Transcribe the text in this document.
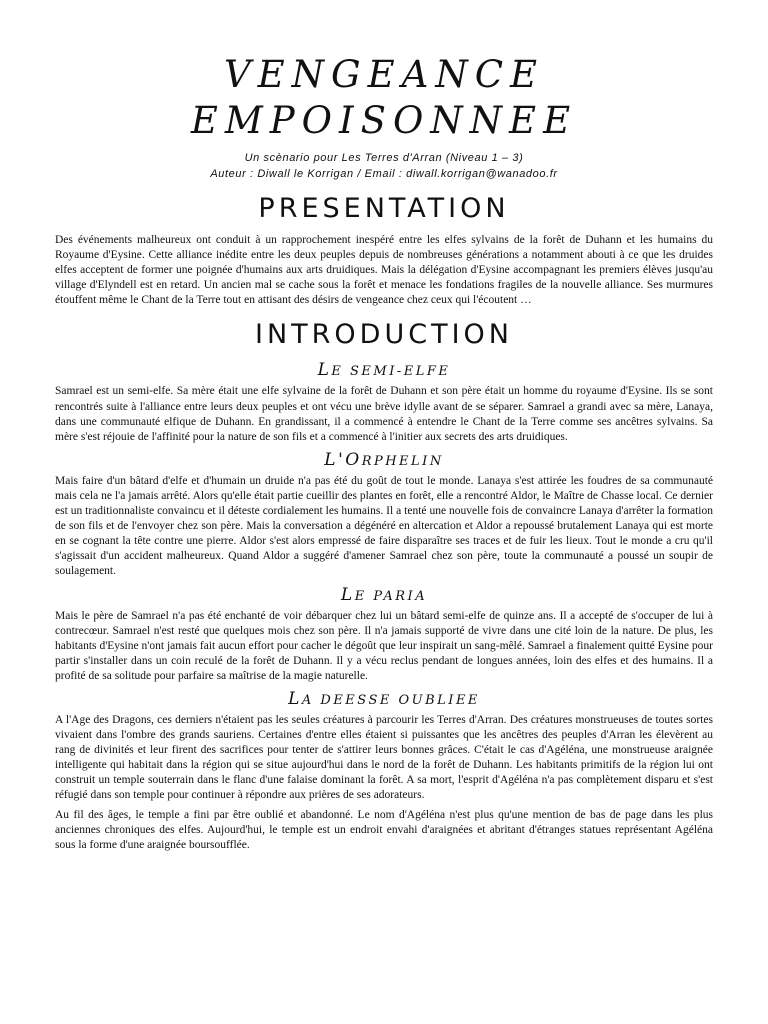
VENGEANCE
EMPOISONNEE
Un scènario pour Les Terres d'Arran (Niveau 1 – 3)
Auteur : Diwall le Korrigan / Email : diwall.korrigan@wanadoo.fr
PRESENTATION

Des événements malheureux ont conduit à un rapprochement inespéré entre les elfes sylvains de la forêt de Duhann et les humains du Royaume d'Eysine. Cette alliance inédite entre les deux peuples depuis de nombreuses générations a notamment abouti à ce que les druides elfes acceptent de former une poignée d'humains aux arts druidiques. Mais la délégation d'Eysine accompagnant les premiers élèves jusqu'au village d'Elyndell est en retard. Un ancien mal se cache sous la forêt et menace les fondations fragiles de la nouvelle alliance. Ses murmures étouffent même le Chant de la Terre tout en attisant des désirs de vengeance chez ceux qui l'écoutent …

INTRODUCTION
LE SEMI-ELFE

Samrael est un semi-elfe. Sa mère était une elfe sylvaine de la forêt de Duhann et son père était un homme du royaume d'Eysine. Ils se sont rencontrés suite à l'alliance entre leurs deux peuples et ont vécu une brève idylle avant de se séparer. Samrael a grandi avec sa mère, Lanaya, dans une communauté elfique de Duhann. En grandissant, il a commencé à entendre le Chant de la Terre comme ses ancêtres sylvains. Sa mère s'est réjouie de l'affinité pour la nature de son fils et a commencé à l'initier aux secrets des arts druidiques.

L'ORPHELIN

Mais faire d'un bâtard d'elfe et d'humain un druide n'a pas été du goût de tout le monde. Lanaya s'est attirée les foudres de sa communauté mais cela ne l'a jamais arrêté. Alors qu'elle était partie cueillir des plantes en forêt, elle a rencontré Aldor, le Maître de Chasse local. Ce dernier est un traditionnaliste convaincu et il déteste cordialement les humains. Il a tenté une nouvelle fois de convaincre Lanaya d'arrêter la formation de son fils et de l'envoyer chez son père. Mais la conversation a dégénéré en altercation et Aldor a repoussé brutalement Lanaya qui est morte en se cognant la tête contre une pierre. Aldor s'est alors empressé de faire disparaître ses traces et de fuir les lieux. Tout le monde a cru qu'il s'agissait d'un accident malheureux. Quand Aldor a suggéré d'amener Samrael chez son père, toute la communauté a poussé un soupir de soulagement.

LE PARIA

Mais le père de Samrael n'a pas été enchanté de voir débarquer chez lui un bâtard semi-elfe de quinze ans. Il a accepté de s'occuper de lui à contrecœur. Samrael n'est resté que quelques mois chez son père. Il n'a jamais supporté de vivre dans une cité loin de la nature. De plus, les habitants d'Eysine n'ont jamais fait aucun effort pour cacher le dégoût que leur inspirait un sang-mêlé. Samrael a finalement quitté Eysine pour partir s'installer dans un coin reculé de la forêt de Duhann. Il y a vécu reclus pendant de longues années, loin des elfes et des humains. Il a profité de sa solitude pour parfaire sa maîtrise de la magie naturelle.

LA DEESSE OUBLIEE

A l'Age des Dragons, ces derniers n'étaient pas les seules créatures à parcourir les Terres d'Arran. Des créatures monstrueuses de toutes sortes vivaient dans l'ombre des grands sauriens. Certaines d'entre elles étaient si puissantes que les ancêtres des peuples d'Arran les élevèrent au rang de divinités et leur firent des sacrifices pour tenter de s'attirer leurs bonnes grâces. C'était le cas d'Agéléna, une monstrueuse araignée intelligente qui habitait dans la région qui se situe aujourd'hui dans le nord de la forêt de Duhann. Les habitants primitifs de la région lui ont construit un temple souterrain dans le flanc d'une falaise dominant la forêt. A sa mort, l'esprit d'Agéléna n'a pas complètement disparu et s'est réfugié dans son temple pour continuer à répondre aux prières de ses adorateurs.

Au fil des âges, le temple a fini par être oublié et abandonné. Le nom d'Agéléna n'est plus qu'une mention de bas de page dans les plus anciennes chroniques des elfes. Aujourd'hui, le temple est un endroit envahi d'araignées et abritant d'étranges statues représentant Agéléna sous la forme d'une araignée boursoufflée.
